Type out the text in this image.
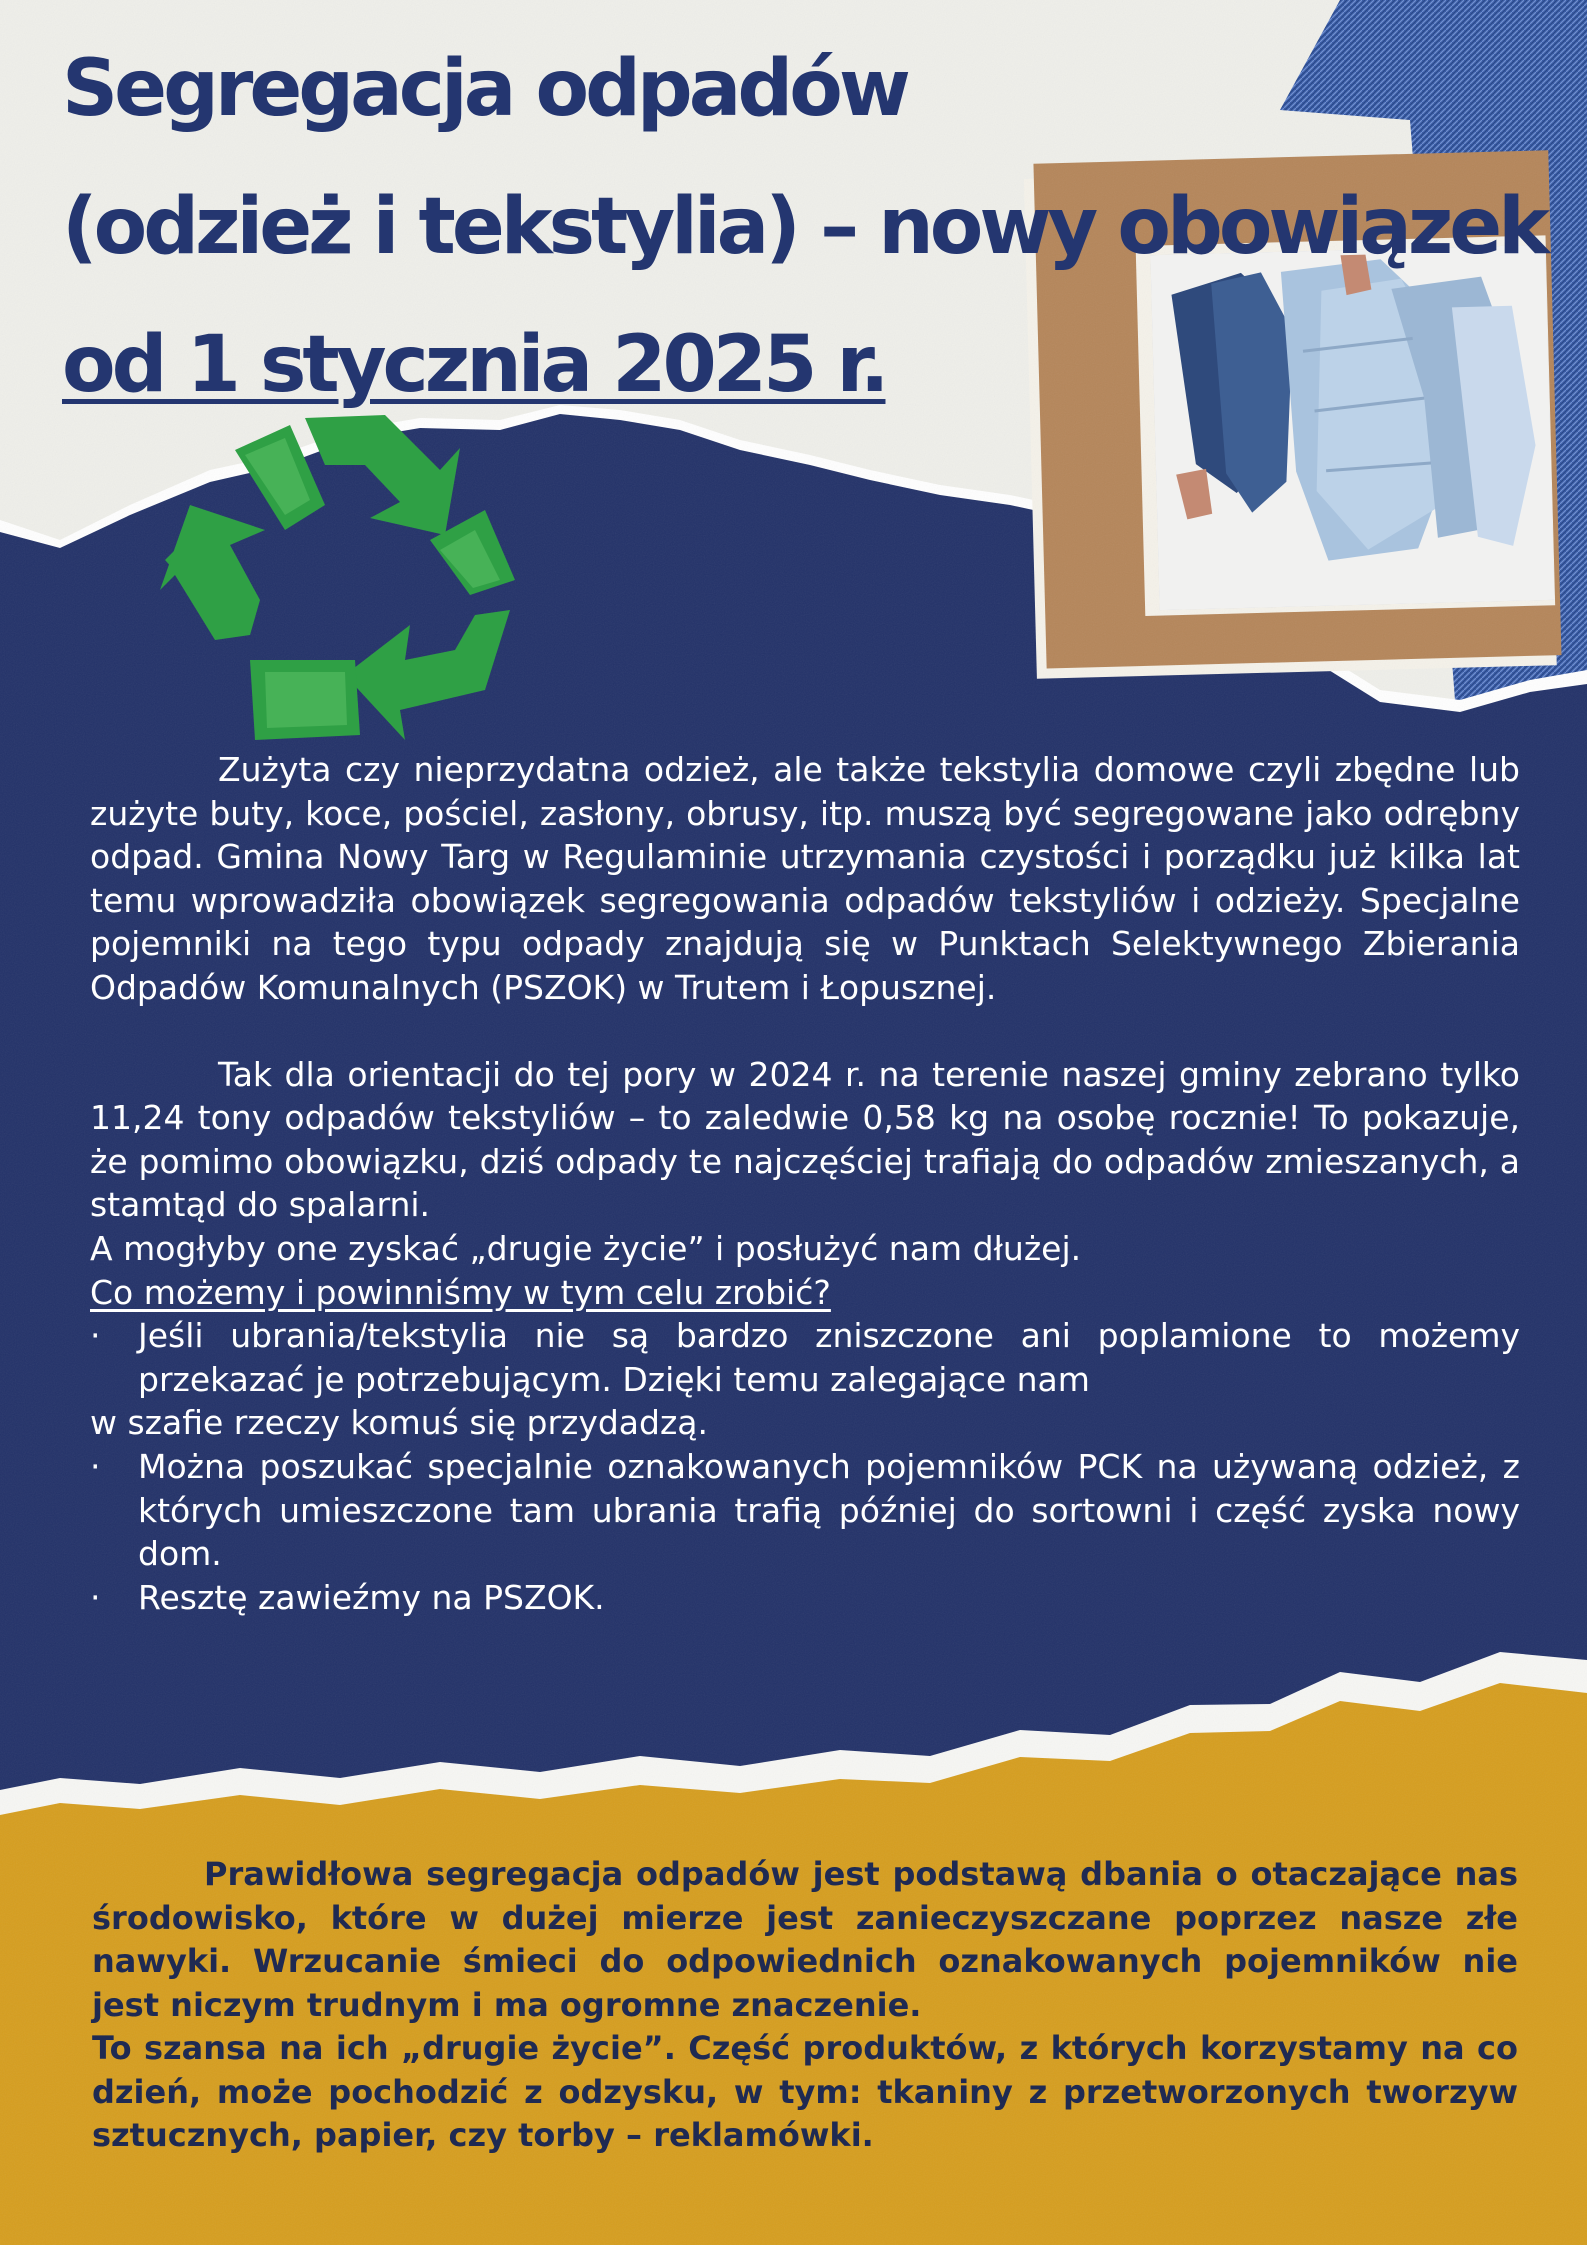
Segregacja odpadów
(odzież i tekstylia) – nowy obowiązek
od 1 stycznia 2025 r.

Zużyta czy nieprzydatna odzież, ale także tekstylia domowe czyli zbędne lub zużyte buty, koce, pościel, zasłony, obrusy, itp. muszą być segregowane jako odrębny odpad. Gmina Nowy Targ w Regulaminie utrzymania czystości i porządku już kilka lat temu wprowadziła obowiązek segregowania odpadów tekstyliów i odzieży. Specjalne pojemniki na tego typu odpady znajdują się w Punktach Selektywnego Zbierania Odpadów Komunalnych (PSZOK) w Trutem i Łopusznej.

Tak dla orientacji do tej pory w 2024 r. na terenie naszej gminy zebrano tylko 11,24 tony odpadów tekstyliów – to zaledwie 0,58 kg na osobę rocznie! To pokazuje, że pomimo obowiązku, dziś odpady te najczęściej trafiają do odpadów zmieszanych, a stamtąd do spalarni.

A mogłyby one zyskać „drugie życie” i posłużyć nam dłużej.

Co możemy i powinniśmy w tym celu zrobić?

·	Jeśli ubrania/tekstylia nie są bardzo zniszczone ani poplamione to możemy przekazać je potrzebującym. Dzięki temu zalegające nam

w szafie rzeczy komuś się przydadzą.

·	Można poszukać specjalnie oznakowanych pojemników PCK na używaną odzież, z których umieszczone tam ubrania trafią później do sortowni i część zyska nowy dom.
·	Resztę zawieźmy na PSZOK.

Prawidłowa segregacja odpadów jest podstawą dbania o otaczające nas środowisko, które w dużej mierze jest zanieczyszczane poprzez nasze złe nawyki. Wrzucanie śmieci do odpowiednich oznakowanych pojemników nie jest niczym trudnym i ma ogromne znaczenie.

To szansa na ich „drugie życie”. Część produktów, z których korzystamy na co dzień, może pochodzić z odzysku, w tym: tkaniny z przetworzonych tworzyw sztucznych, papier, czy torby – reklamówki.
